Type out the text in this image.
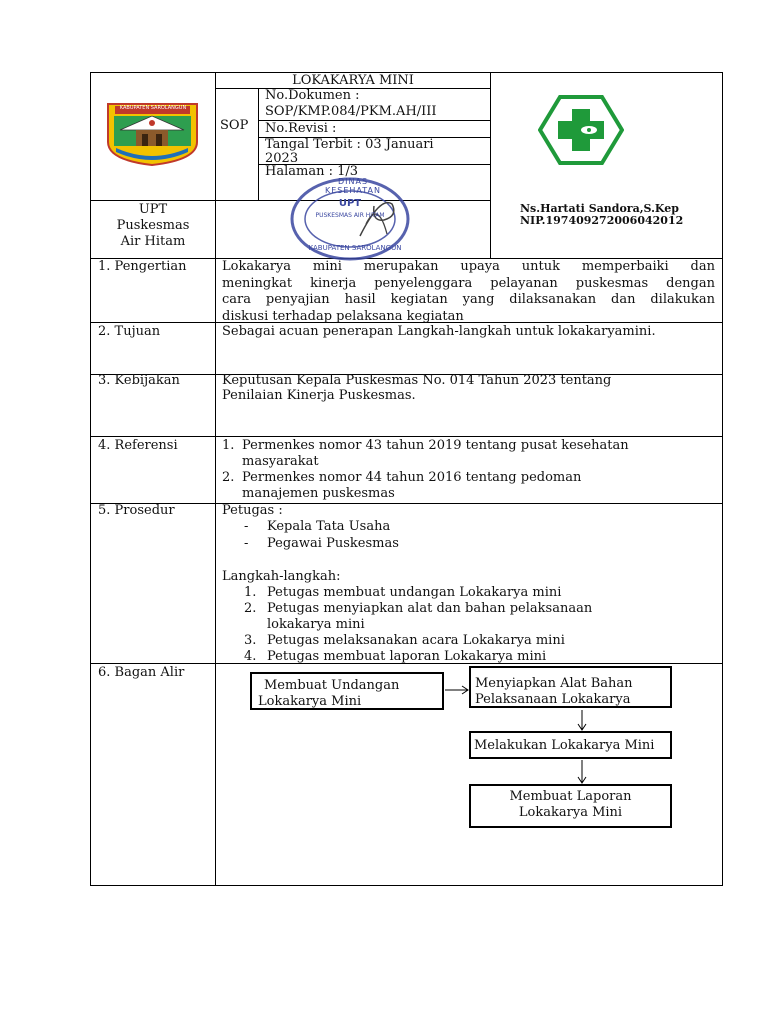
KABUPATEN SAROLANGUN
LOKAKARYA MINI
SOP
No.Dokumen :
SOP/KMP.084/PKM.AH/III
No.Revisi :
Tangal Terbit : 03 Januari
2023
Halaman : 1/3
UPT
Puskesmas
Air Hitam
DINAS KESEHATAN
UPT
PUSKESMAS AIR HITAM
KABUPATEN SAROLANGUN
Ns.Hartati Sandora,S.Kep
NIP.197409272006042012
1. Pengertian	Lokakarya mini merupakan upaya untuk memperbaiki dan
meningkat kinerja penyelenggara pelayanan puskesmas dengan
cara penyajian hasil kegiatan yang dilaksanakan dan dilakukan
diskusi terhadap pelaksana kegiatan
2. Tujuan	Sebagai acuan penerapan Langkah-langkah untuk lokakaryamini.
3. Kebijakan	Keputusan Kepala Puskesmas No. 014 Tahun 2023 tentang
Penilaian Kinerja Puskesmas.
4. Referensi	1. Permenkes nomor 43 tahun 2019 tentang pusat kesehatan
masyarakat
2. Permenkes nomor 44 tahun 2016 tentang pedoman
manajemen puskesmas
5. Prosedur	Petugas :
- Kepala Tata Usaha
- Pegawai Puskesmas
Langkah-langkah:
1. Petugas membuat undangan Lokakarya mini
2. Petugas menyiapkan alat dan bahan pelaksanaan
lokakarya mini
3. Petugas melaksanakan acara Lokakarya mini
4. Petugas membuat laporan Lokakarya mini
6. Bagan Alir
Membuat Undangan
Lokakarya Mini
Menyiapkan Alat Bahan
Pelaksanaan Lokakarya
Melakukan Lokakarya Mini
Membuat Laporan
Lokakarya Mini
